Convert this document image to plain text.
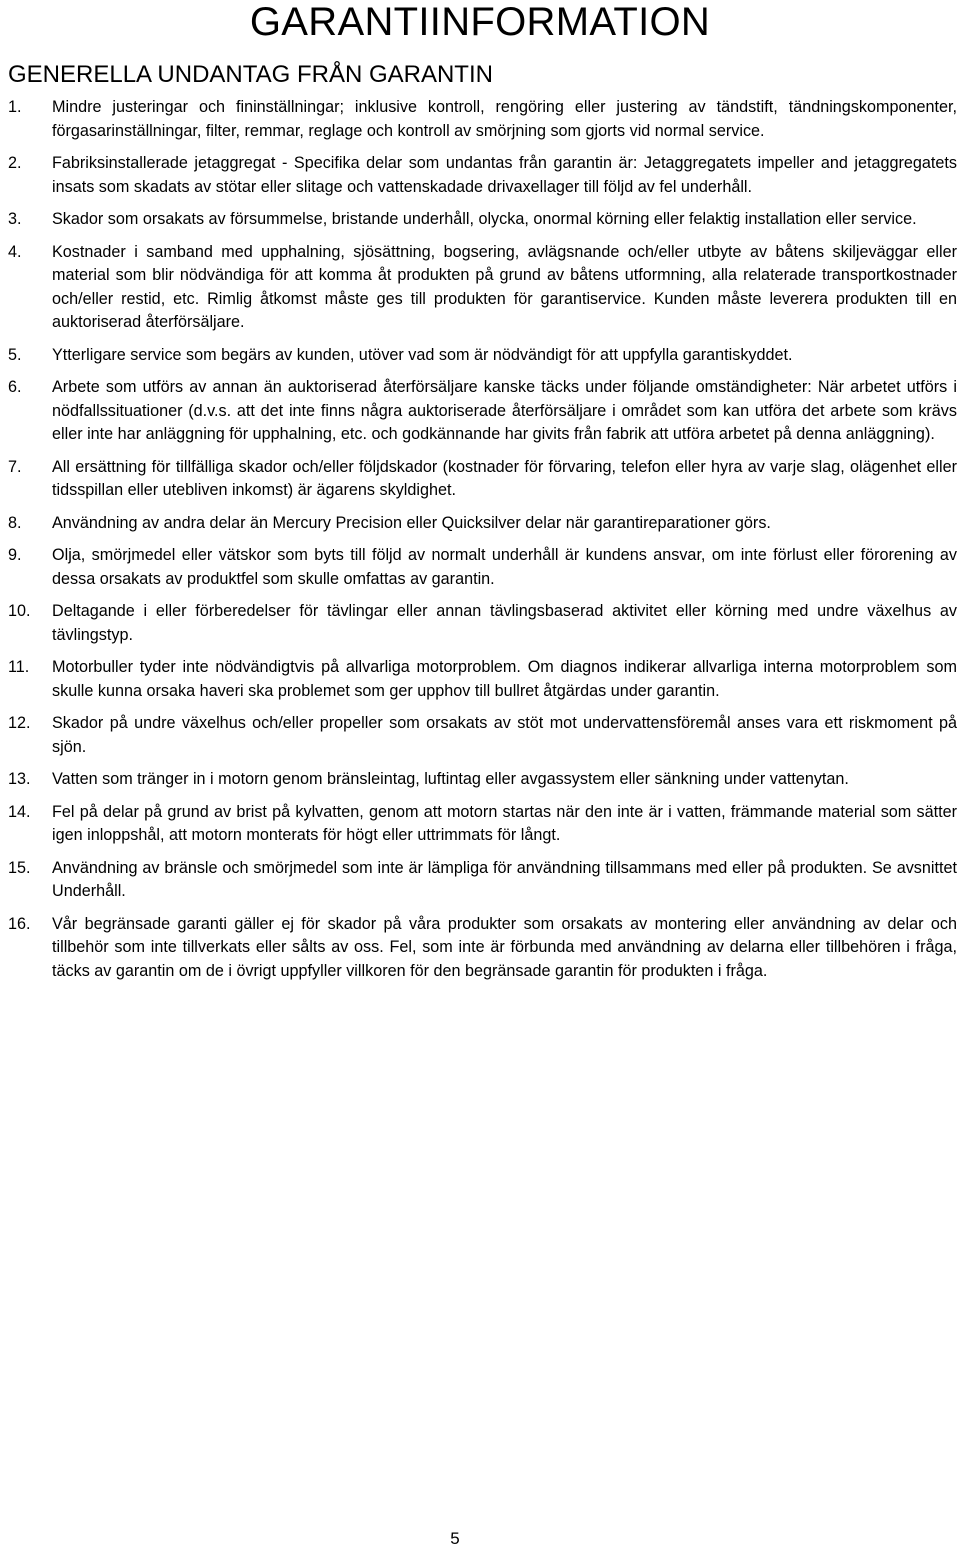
GARANTIINFORMATION
GENERELLA UNDANTAG FRÅN GARANTIN
1.	Mindre justeringar och fininställningar; inklusive kontroll, rengöring eller justering av tändstift, tändningskomponenter, förgasarinställningar, filter, remmar, reglage och kontroll av smörjning som gjorts vid normal service.
2.	Fabriksinstallerade jetaggregat - Specifika delar som undantas från garantin är: Jetaggregatets impeller and jetaggregatets insats som skadats av stötar eller slitage och vattenskadade drivaxellager till följd av fel underhåll.
3.	Skador som orsakats av försummelse, bristande underhåll, olycka, onormal körning eller felaktig installation eller service.
4.	Kostnader i samband med upphalning, sjösättning, bogsering, avlägsnande och/eller utbyte av båtens skiljeväggar eller material som blir nödvändiga för att komma åt produkten på grund av båtens utformning, alla relaterade transportkostnader och/eller restid, etc. Rimlig åtkomst måste ges till produkten för garantiservice. Kunden måste leverera produkten till en auktoriserad återförsäljare.
5.	Ytterligare service som begärs av kunden, utöver vad som är nödvändigt för att uppfylla garantiskyddet.
6.	Arbete som utförs av annan än auktoriserad återförsäljare kanske täcks under följande omständigheter: När arbetet utförs i nödfallssituationer (d.v.s. att det inte finns några auktoriserade återförsäljare i området som kan utföra det arbete som krävs eller inte har anläggning för upphalning, etc. och godkännande har givits från fabrik att utföra arbetet på denna anläggning).
7.	All ersättning för tillfälliga skador och/eller följdskador (kostnader för förvaring, telefon eller hyra av varje slag, olägenhet eller tidsspillan eller utebliven inkomst) är ägarens skyldighet.
8.	Användning av andra delar än Mercury Precision eller Quicksilver delar när garantireparationer görs.
9.	Olja, smörjmedel eller vätskor som byts till följd av normalt underhåll är kundens ansvar, om inte förlust eller förorening av dessa orsakats av produktfel som skulle omfattas av garantin.
10.	Deltagande i eller förberedelser för tävlingar eller annan tävlingsbaserad aktivitet eller körning med undre växelhus av tävlingstyp.
11.	Motorbuller tyder inte nödvändigtvis på allvarliga motorproblem. Om diagnos indikerar allvarliga interna motorproblem som skulle kunna orsaka haveri ska problemet som ger upphov till bullret åtgärdas under garantin.
12.	Skador på undre växelhus och/eller propeller som orsakats av stöt mot undervattensföremål anses vara ett riskmoment på sjön.
13.	Vatten som tränger in i motorn genom bränsleintag, luftintag eller avgassystem eller sänkning under vattenytan.
14.	Fel på delar på grund av brist på kylvatten, genom att motorn startas när den inte är i vatten, främmande material som sätter igen inloppshål, att motorn monterats för högt eller uttrimmats för långt.
15.	Användning av bränsle och smörjmedel som inte är lämpliga för användning tillsammans med eller på produkten. Se avsnittet Underhåll.
16.	Vår begränsade garanti gäller ej för skador på våra produkter som orsakats av montering eller användning av delar och tillbehör som inte tillverkats eller sålts av oss. Fel, som inte är förbunda med användning av delarna eller tillbehören i fråga, täcks av garantin om de i övrigt uppfyller villkoren för den begränsade garantin för produkten i fråga.
5
